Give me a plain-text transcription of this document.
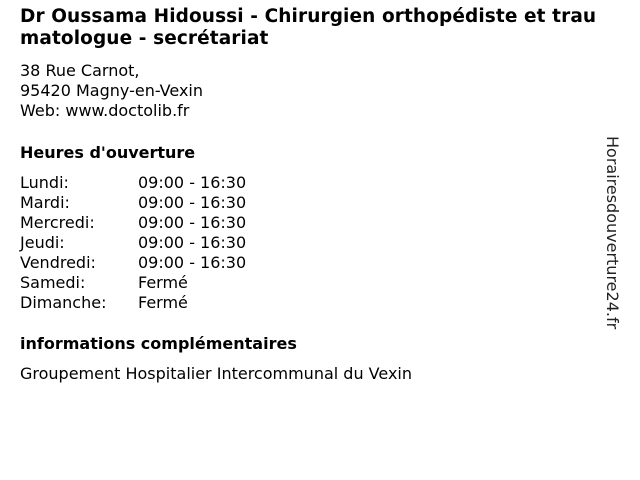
Dr Oussama Hidoussi - Chirurgien orthopédiste et traumatologue - secrétariat
38 Rue Carnot,
95420 Magny-en-Vexin
Web: www.doctolib.fr
Heures d'ouverture
Lundi:	09:00 - 16:30
Mardi:	09:00 - 16:30
Mercredi:	09:00 - 16:30
Jeudi:	09:00 - 16:30
Vendredi:	09:00 - 16:30
Samedi:	Fermé
Dimanche:	Fermé
informations complémentaires
Groupement Hospitalier Intercommunal du Vexin
Horairesdouverture24.fr
